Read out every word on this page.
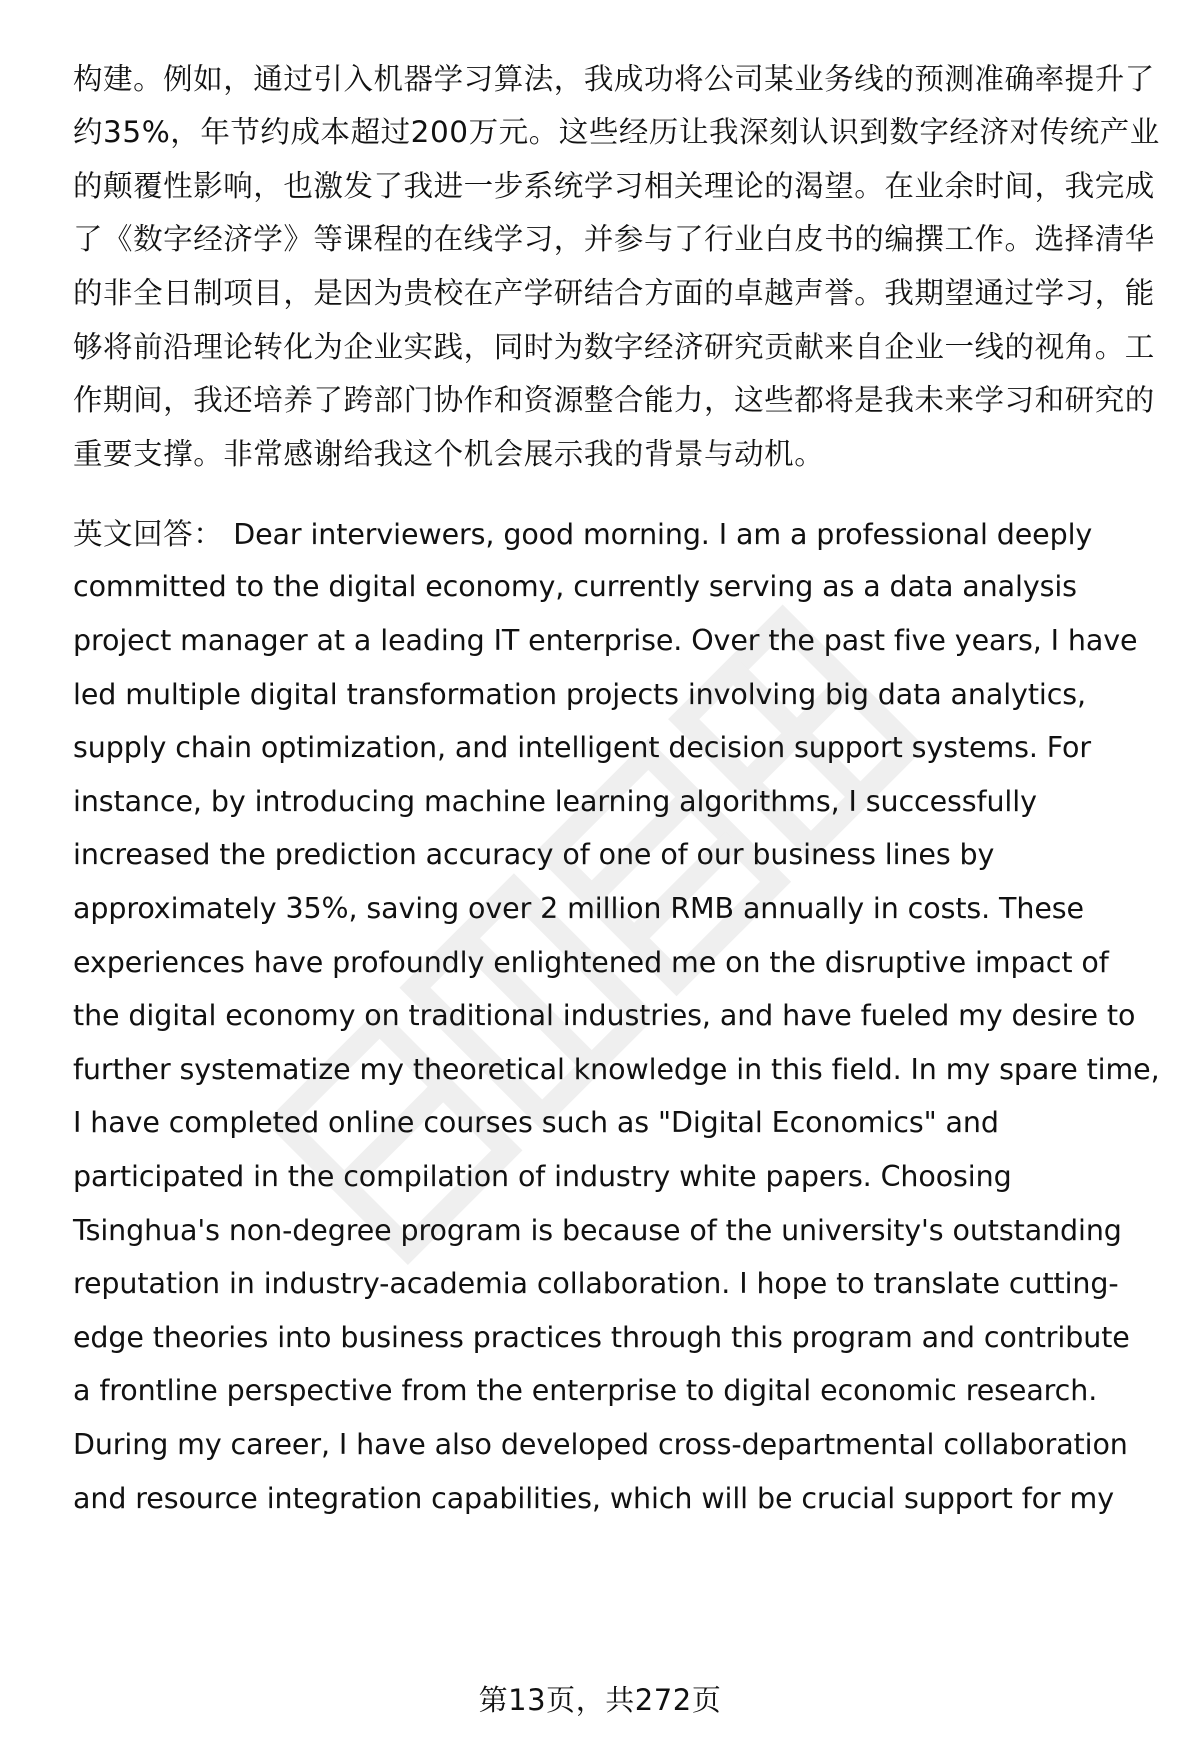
构建。例如，通过引入机器学习算法，我成功将公司某业务线的预测准确率提升了
约35%，年节约成本超过200万元。这些经历让我深刻认识到数字经济对传统产业
的颠覆性影响，也激发了我进一步系统学习相关理论的渴望。在业余时间，我完成
了《数字经济学》等课程的在线学习，并参与了行业白皮书的编撰工作。选择清华
的非全日制项目，是因为贵校在产学研结合方面的卓越声誉。我期望通过学习，能
够将前沿理论转化为企业实践，同时为数字经济研究贡献来自企业一线的视角。工
作期间，我还培养了跨部门协作和资源整合能力，这些都将是我未来学习和研究的
重要支撑。非常感谢给我这个机会展示我的背景与动机。
英文回答： Dear interviewers, good morning. I am a professional deeply
committed to the digital economy, currently serving as a data analysis
project manager at a leading IT enterprise. Over the past five years, I have
led multiple digital transformation projects involving big data analytics,
supply chain optimization, and intelligent decision support systems. For
instance, by introducing machine learning algorithms, I successfully
increased the prediction accuracy of one of our business lines by
approximately 35%, saving over 2 million RMB annually in costs. These
experiences have profoundly enlightened me on the disruptive impact of
the digital economy on traditional industries, and have fueled my desire to
further systematize my theoretical knowledge in this field. In my spare time,
I have completed online courses such as "Digital Economics" and
participated in the compilation of industry white papers. Choosing
Tsinghua's non-degree program is because of the university's outstanding
reputation in industry-academia collaboration. I hope to translate cutting-
edge theories into business practices through this program and contribute
a frontline perspective from the enterprise to digital economic research.
During my career, I have also developed cross-departmental collaboration
and resource integration capabilities, which will be crucial support for my
第13页，共272页
